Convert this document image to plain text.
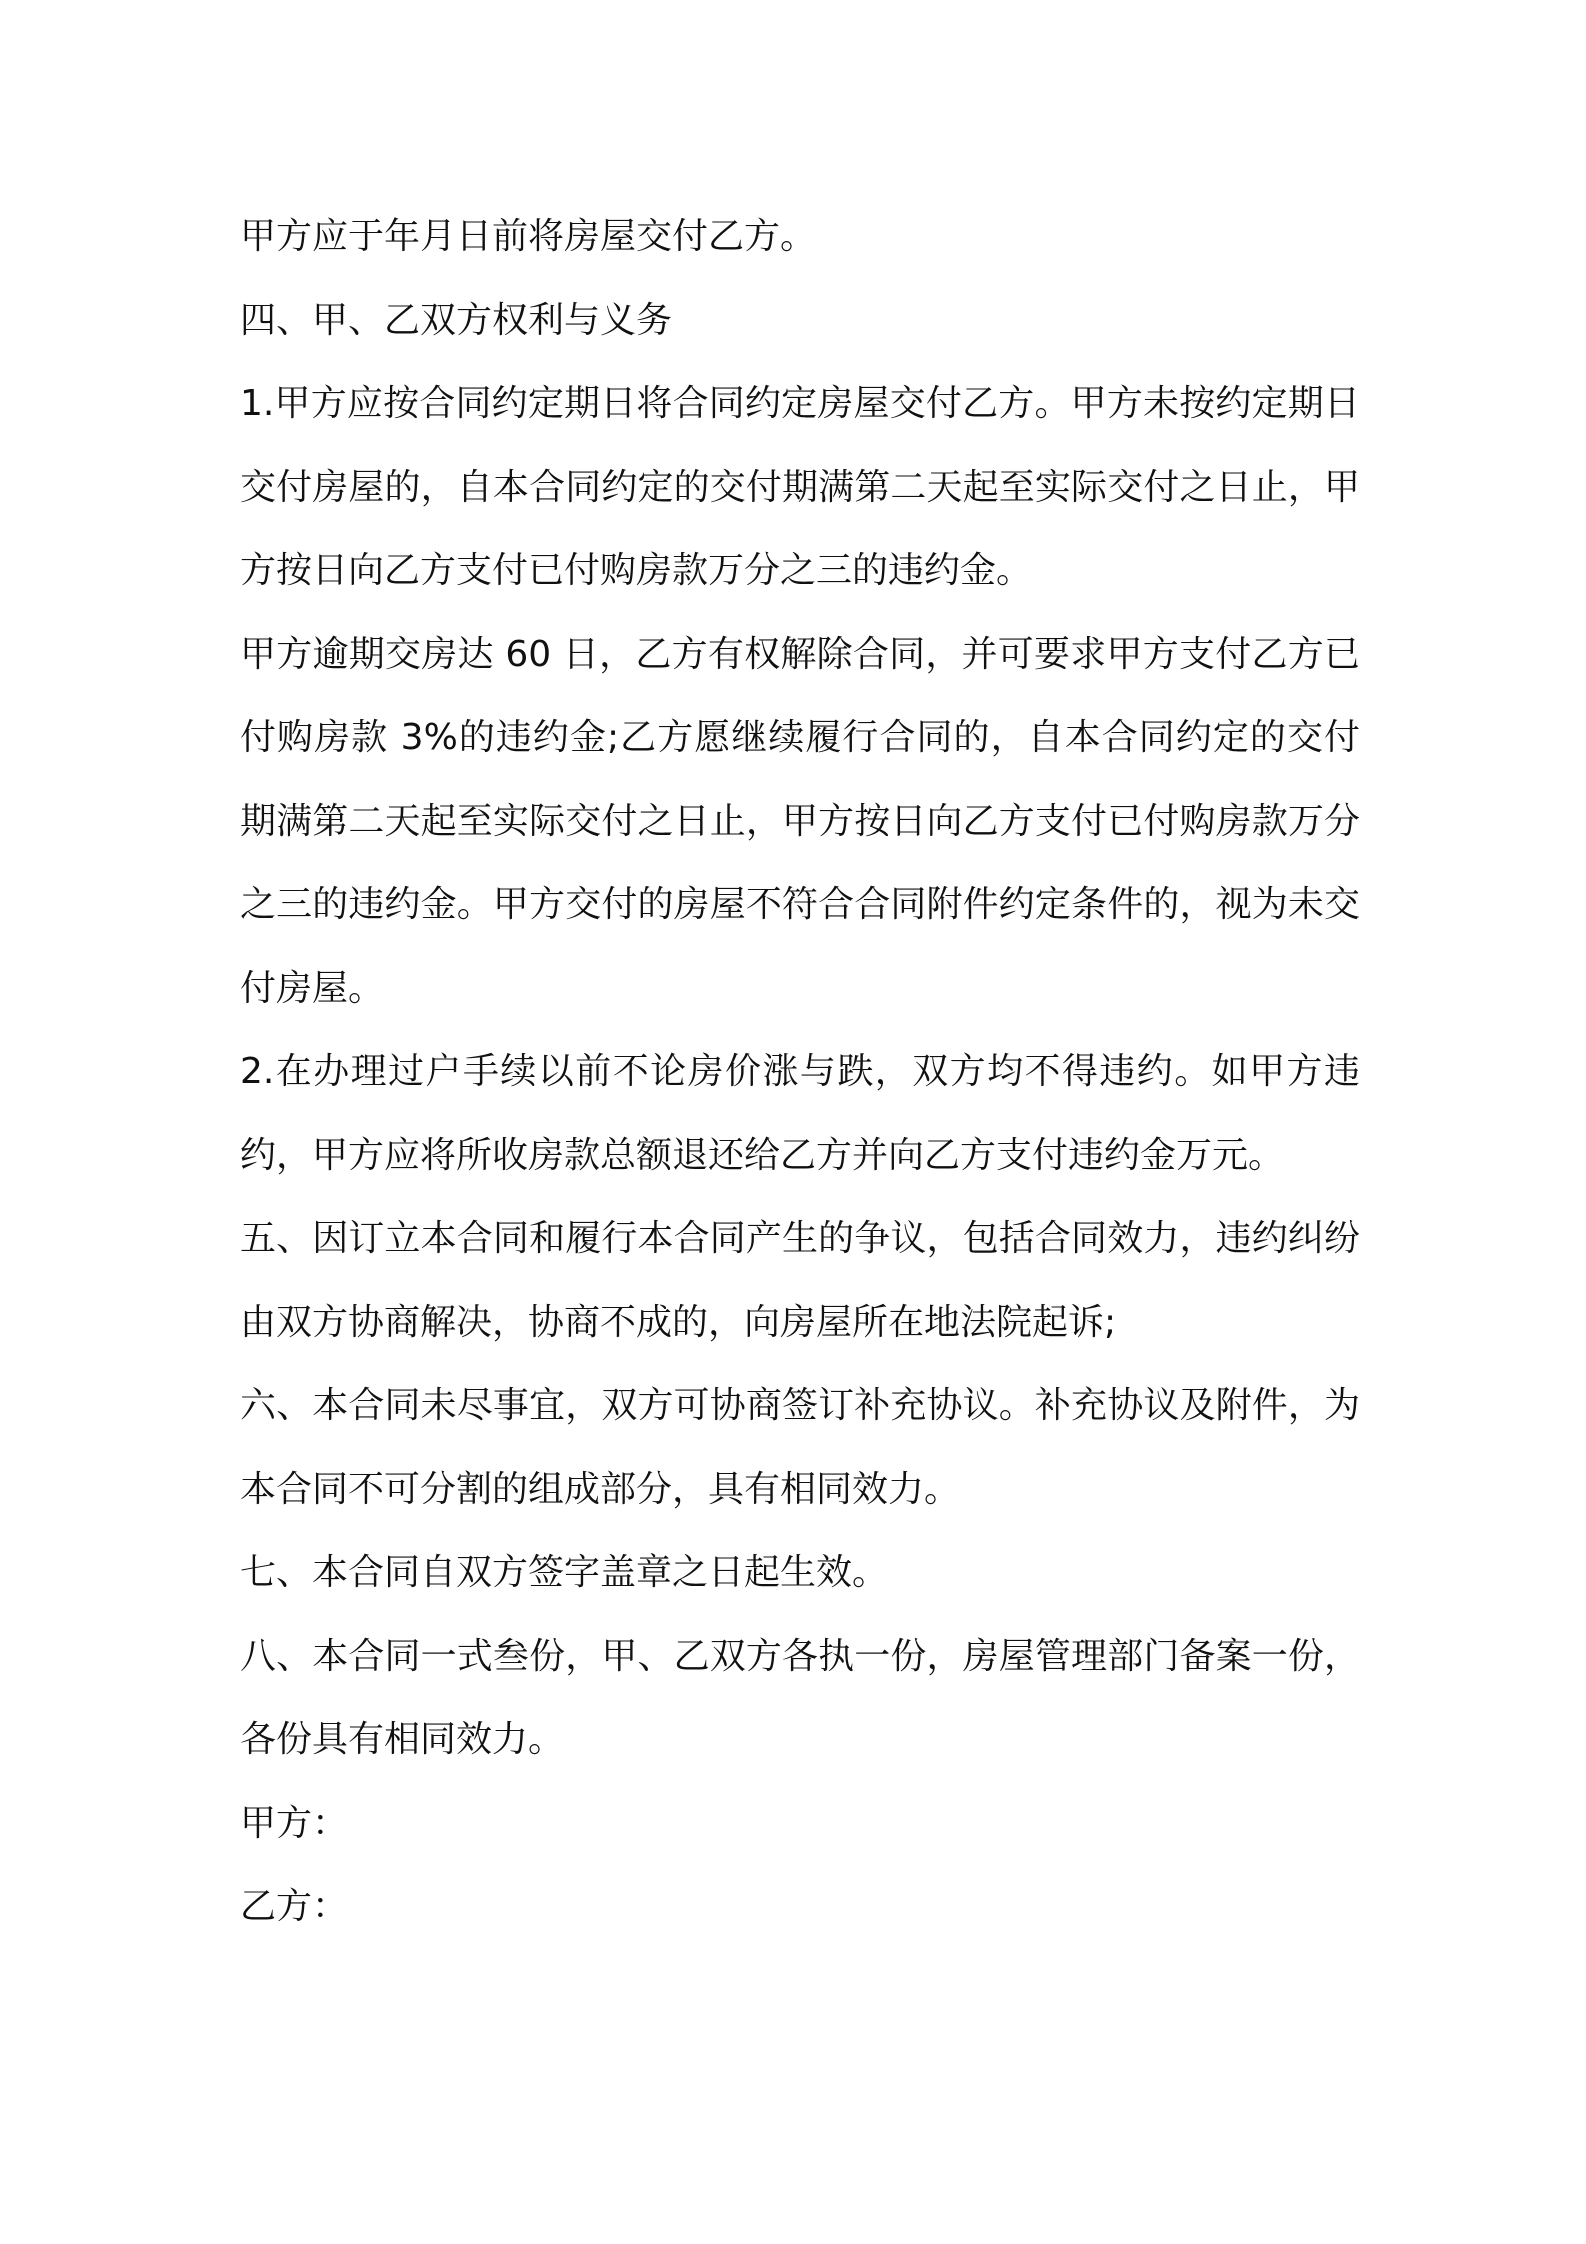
甲方应于年月日前将房屋交付乙方。

四、甲、乙双方权利与义务

1.甲方应按合同约定期日将合同约定房屋交付乙方。甲方未按约定期日交付房屋的，自本合同约定的交付期满第二天起至实际交付之日止，甲方按日向乙方支付已付购房款万分之三的违约金。

甲方逾期交房达 60 日，乙方有权解除合同，并可要求甲方支付乙方已付购房款 3%的违约金;乙方愿继续履行合同的，自本合同约定的交付期满第二天起至实际交付之日止，甲方按日向乙方支付已付购房款万分之三的违约金。甲方交付的房屋不符合合同附件约定条件的，视为未交付房屋。

2.在办理过户手续以前不论房价涨与跌，双方均不得违约。如甲方违约，甲方应将所收房款总额退还给乙方并向乙方支付违约金万元。

五、因订立本合同和履行本合同产生的争议，包括合同效力，违约纠纷由双方协商解决，协商不成的，向房屋所在地法院起诉;

六、本合同未尽事宜，双方可协商签订补充协议。补充协议及附件，为本合同不可分割的组成部分，具有相同效力。

七、本合同自双方签字盖章之日起生效。

八、本合同一式叁份，甲、乙双方各执一份，房屋管理部门备案一份，各份具有相同效力。

甲方：

乙方：
